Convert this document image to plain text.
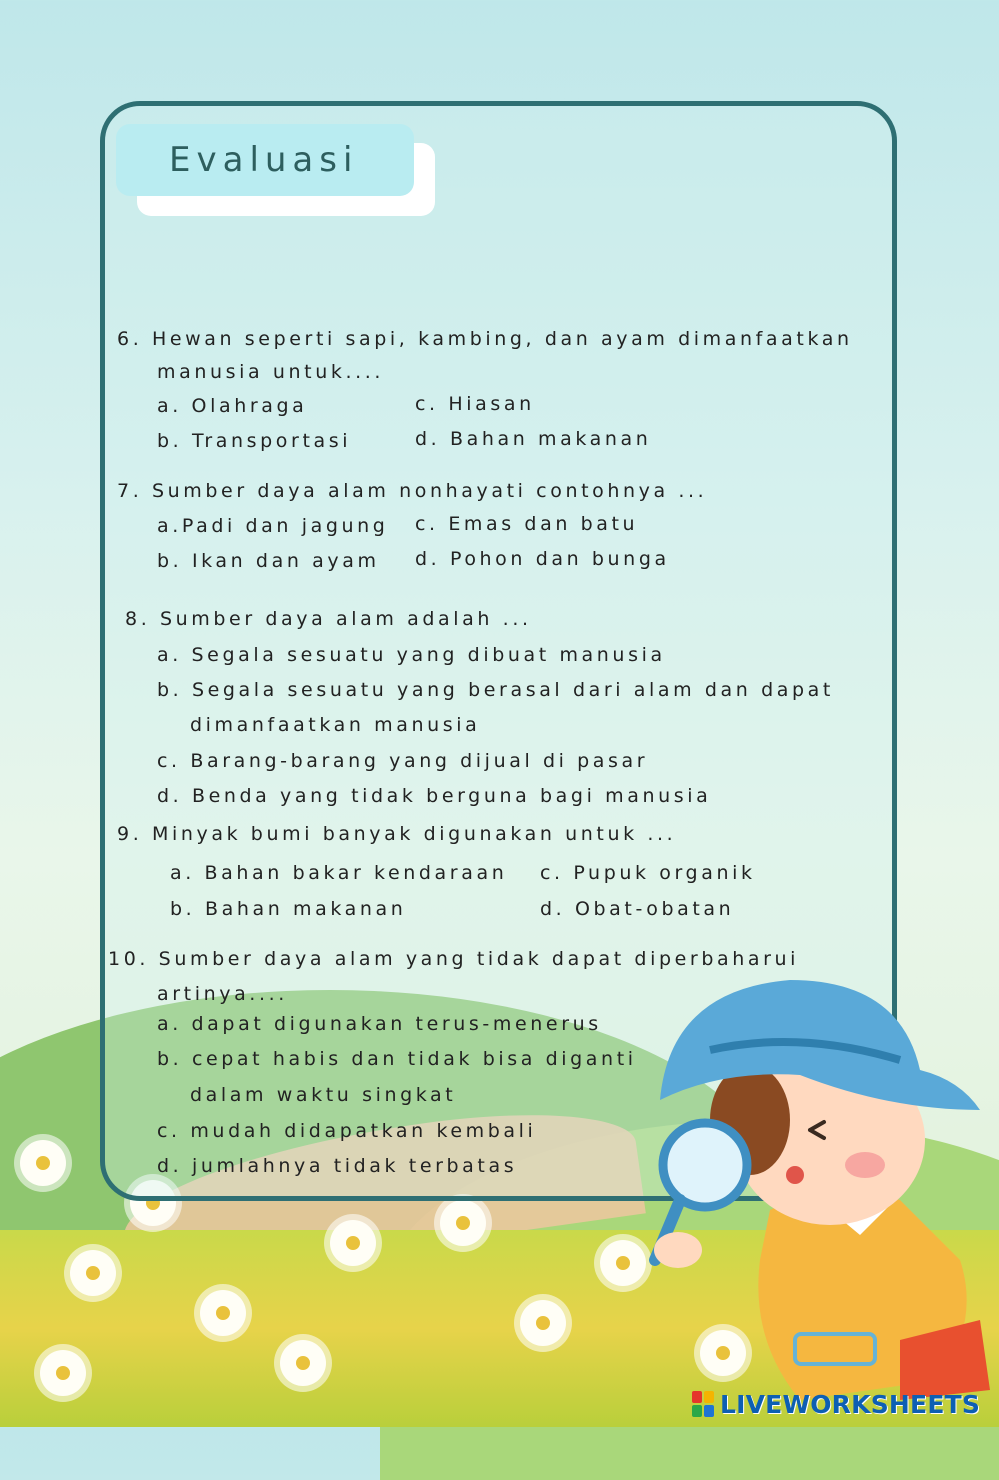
Evaluasi
6. Hewan seperti sapi, kambing, dan ayam dimanfaatkan
manusia untuk....
a. Olahraga	c. Hiasan
b. Transportasi	d. Bahan makanan
7. Sumber daya alam nonhayati contohnya ...
a.Padi dan jagung c. Emas dan batu
b. Ikan dan ayam d. Pohon dan bunga
8. Sumber daya alam adalah ...
a. Segala sesuatu yang dibuat manusia
b. Segala sesuatu yang berasal dari alam dan dapat
dimanfaatkan manusia
c. Barang-barang yang dijual di pasar
d. Benda yang tidak berguna bagi manusia
9. Minyak bumi banyak digunakan untuk ...
a. Bahan bakar kendaraan c. Pupuk organik
b. Bahan makanan	d. Obat-obatan
10. Sumber daya alam yang tidak dapat diperbaharui
artinya....
a. dapat digunakan terus-menerus
b. cepat habis dan tidak bisa diganti
dalam waktu singkat
c. mudah didapatkan kembali
d. jumlahnya tidak terbatas
LIVEWORKSHEETS
